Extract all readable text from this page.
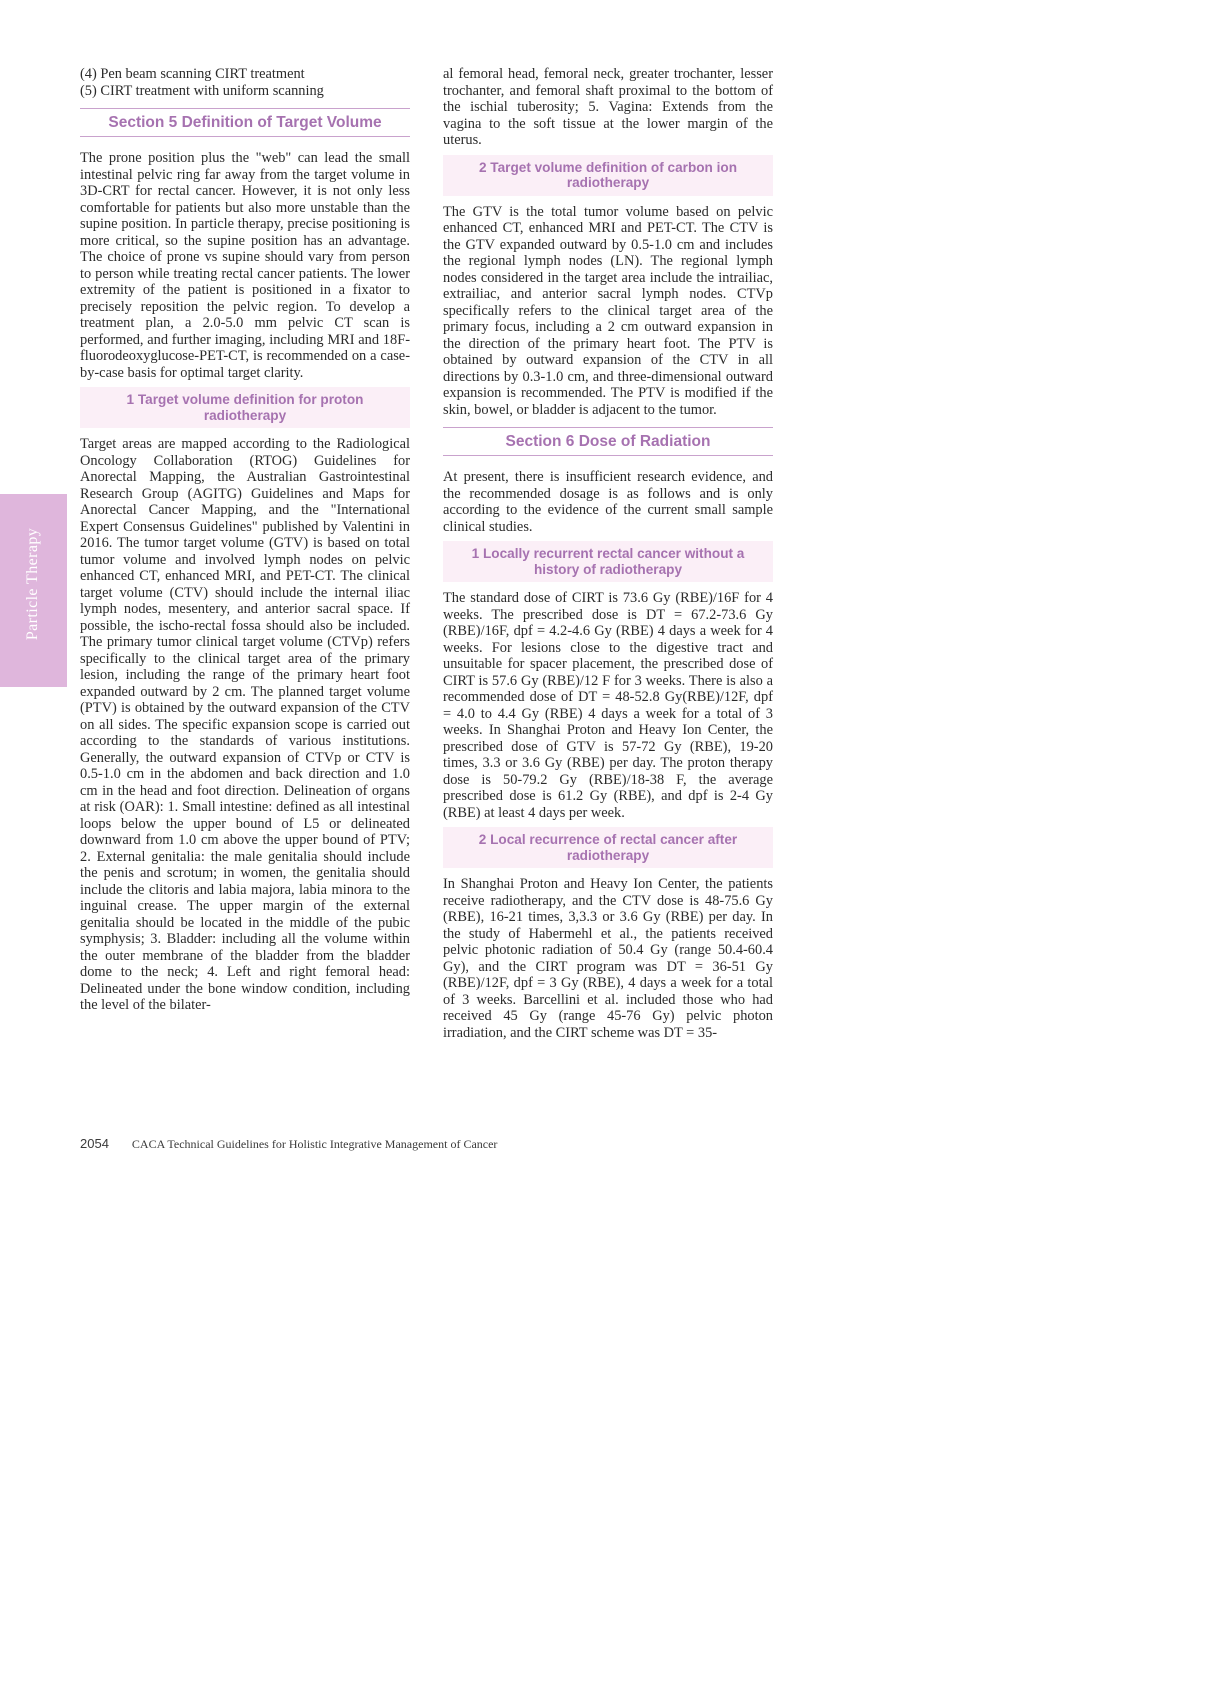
Particle Therapy

(4) Pen beam scanning CIRT treatment

(5) CIRT treatment with uniform scanning

Section 5 Definition of Target Volume

The prone position plus the "web" can lead the small intestinal pelvic ring far away from the target volume in 3D-CRT for rectal cancer. However, it is not only less comfortable for patients but also more unstable than the supine position. In particle therapy, precise positioning is more critical, so the supine position has an advantage. The choice of prone vs supine should vary from person to person while treating rectal cancer patients. The lower extremity of the patient is positioned in a fixator to precisely reposition the pelvic region. To develop a treatment plan, a 2.0-5.0 mm pelvic CT scan is performed, and further imaging, including MRI and 18F-fluorodeoxyglucose-PET-CT, is recommended on a case-by-case basis for optimal target clarity.

1 Target volume definition for proton radiotherapy

Target areas are mapped according to the Radiological Oncology Collaboration (RTOG) Guidelines for Anorectal Mapping, the Australian Gastrointestinal Research Group (AGITG) Guidelines and Maps for Anorectal Cancer Mapping, and the "International Expert Consensus Guidelines" published by Valentini in 2016. The tumor target volume (GTV) is based on total tumor volume and involved lymph nodes on pelvic enhanced CT, enhanced MRI, and PET-CT. The clinical target volume (CTV) should include the internal iliac lymph nodes, mesentery, and anterior sacral space. If possible, the ischo-rectal fossa should also be included. The primary tumor clinical target volume (CTVp) refers specifically to the clinical target area of the primary lesion, including the range of the primary heart foot expanded outward by 2 cm. The planned target volume (PTV) is obtained by the outward expansion of the CTV on all sides. The specific expansion scope is carried out according to the standards of various institutions. Generally, the outward expansion of CTVp or CTV is 0.5-1.0 cm in the abdomen and back direction and 1.0 cm in the head and foot direction. Delineation of organs at risk (OAR): 1. Small intestine: defined as all intestinal loops below the upper bound of L5 or delineated downward from 1.0 cm above the upper bound of PTV; 2. External genitalia: the male genitalia should include the penis and scrotum; in women, the genitalia should include the clitoris and labia majora, labia minora to the inguinal crease. The upper margin of the external genitalia should be located in the middle of the pubic symphysis; 3. Bladder: including all the volume within the outer membrane of the bladder from the bladder dome to the neck; 4. Left and right femoral head: Delineated under the bone window condition, including the level of the bilater-

al femoral head, femoral neck, greater trochanter, lesser trochanter, and femoral shaft proximal to the bottom of the ischial tuberosity; 5. Vagina: Extends from the vagina to the soft tissue at the lower margin of the uterus.

2 Target volume definition of carbon ion radiotherapy

The GTV is the total tumor volume based on pelvic enhanced CT, enhanced MRI and PET-CT. The CTV is the GTV expanded outward by 0.5-1.0 cm and includes the regional lymph nodes (LN). The regional lymph nodes considered in the target area include the intrailiac, extrailiac, and anterior sacral lymph nodes. CTVp specifically refers to the clinical target area of the primary focus, including a 2 cm outward expansion in the direction of the primary heart foot. The PTV is obtained by outward expansion of the CTV in all directions by 0.3-1.0 cm, and three-dimensional outward expansion is recommended. The PTV is modified if the skin, bowel, or bladder is adjacent to the tumor.

Section 6 Dose of Radiation

At present, there is insufficient research evidence, and the recommended dosage is as follows and is only according to the evidence of the current small sample clinical studies.

1 Locally recurrent rectal cancer without a history of radiotherapy

The standard dose of CIRT is 73.6 Gy (RBE)/16F for 4 weeks. The prescribed dose is DT = 67.2-73.6 Gy (RBE)/16F, dpf = 4.2-4.6 Gy (RBE) 4 days a week for 4 weeks. For lesions close to the digestive tract and unsuitable for spacer placement, the prescribed dose of CIRT is 57.6 Gy (RBE)/12 F for 3 weeks. There is also a recommended dose of DT = 48-52.8 Gy(RBE)/12F, dpf = 4.0 to 4.4 Gy (RBE) 4 days a week for a total of 3 weeks. In Shanghai Proton and Heavy Ion Center, the prescribed dose of GTV is 57-72 Gy (RBE), 19-20 times, 3.3 or 3.6 Gy (RBE) per day. The proton therapy dose is 50-79.2 Gy (RBE)/18-38 F, the average prescribed dose is 61.2 Gy (RBE), and dpf is 2-4 Gy (RBE) at least 4 days per week.

2 Local recurrence of rectal cancer after radiotherapy

In Shanghai Proton and Heavy Ion Center, the patients receive radiotherapy, and the CTV dose is 48-75.6 Gy (RBE), 16-21 times, 3,3.3 or 3.6 Gy (RBE) per day. In the study of Habermehl et al., the patients received pelvic photonic radiation of 50.4 Gy (range 50.4-60.4 Gy), and the CIRT program was DT = 36-51 Gy (RBE)/12F, dpf = 3 Gy (RBE), 4 days a week for a total of 3 weeks. Barcellini et al. included those who had received 45 Gy (range 45-76 Gy) pelvic photon irradiation, and the CIRT scheme was DT = 35-

2054 CACA Technical Guidelines for Holistic Integrative Management of Cancer
